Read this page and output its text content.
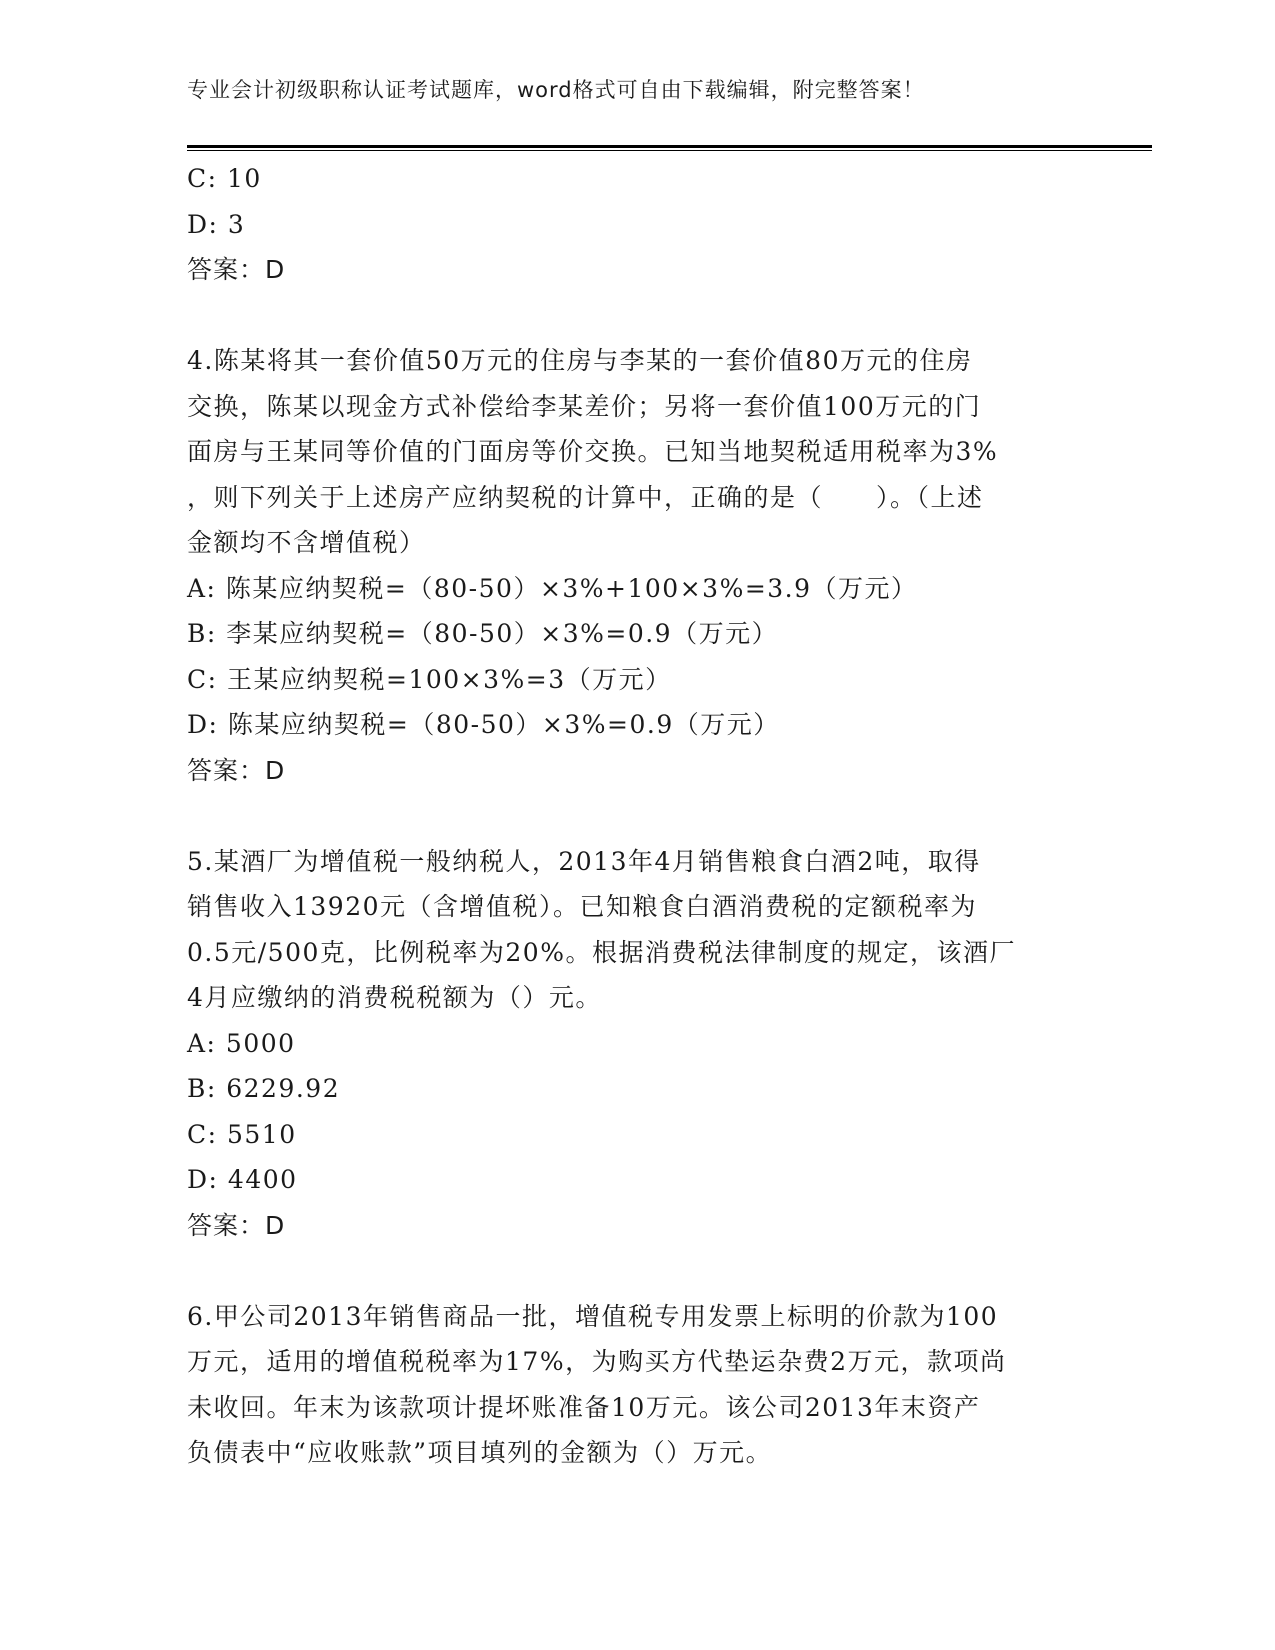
专业会计初级职称认证考试题库，word格式可自由下载编辑，附完整答案！
C: 10
D: 3
答案：D
4.陈某将其一套价值50万元的住房与李某的一套价值80万元的住房
交换，陈某以现金方式补偿给李某差价；另将一套价值100万元的门
面房与王某同等价值的门面房等价交换。已知当地契税适用税率为3%
，则下列关于上述房产应纳契税的计算中，正确的是（　　）。（上述
金额均不含增值税）
A: 陈某应纳契税=（80-50）×3%+100×3%=3.9（万元）
B: 李某应纳契税=（80-50）×3%=0.9（万元）
C: 王某应纳契税=100×3%=3（万元）
D: 陈某应纳契税=（80-50）×3%=0.9（万元）
答案：D
5.某酒厂为增值税一般纳税人，2013年4月销售粮食白酒2吨，取得
销售收入13920元（含增值税）。已知粮食白酒消费税的定额税率为
0.5元/500克，比例税率为20%。根据消费税法律制度的规定，该酒厂
4月应缴纳的消费税税额为（）元。
A: 5000
B: 6229.92
C: 5510
D: 4400
答案：D
6.甲公司2013年销售商品一批，增值税专用发票上标明的价款为100
万元，适用的增值税税率为17%，为购买方代垫运杂费2万元，款项尚
未收回。年末为该款项计提坏账准备10万元。该公司2013年末资产
负债表中“应收账款”项目填列的金额为（）万元。
